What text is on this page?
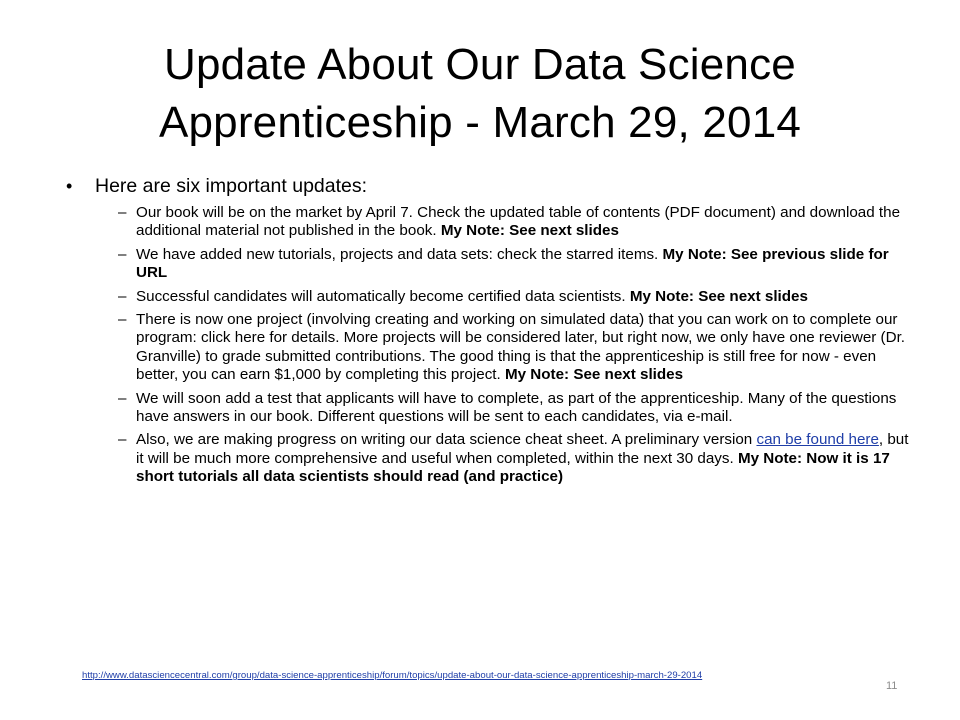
Update About Our Data Science
Apprenticeship - March 29, 2014
•	Here are six important updates:
– Our book will be on the market by April 7. Check the updated table of contents (PDF document) and download the additional material not published in the book. My Note: See next slides
– We have added new tutorials, projects and data sets: check the starred items. My Note: See previous slide for URL
– Successful candidates will automatically become certified data scientists. My Note: See next slides
– There is now one project (involving creating and working on simulated data) that you can work on to complete our program: click here for details. More projects will be considered later, but right now, we only have one reviewer (Dr. Granville) to grade submitted contributions. The good thing is that the apprenticeship is still free for now - even better, you can earn $1,000 by completing this project. My Note: See next slides
– We will soon add a test that applicants will have to complete, as part of the apprenticeship. Many of the questions have answers in our book. Different questions will be sent to each candidates, via e-mail.
– Also, we are making progress on writing our data science cheat sheet. A preliminary version can be found here, but it will be much more comprehensive and useful when completed, within the next 30 days. My Note: Now it is 17 short tutorials all data scientists should read (and practice)
http://www.datasciencecentral.com/group/data-science-apprenticeship/forum/topics/update-about-our-data-science-apprenticeship-march-29-2014
11
